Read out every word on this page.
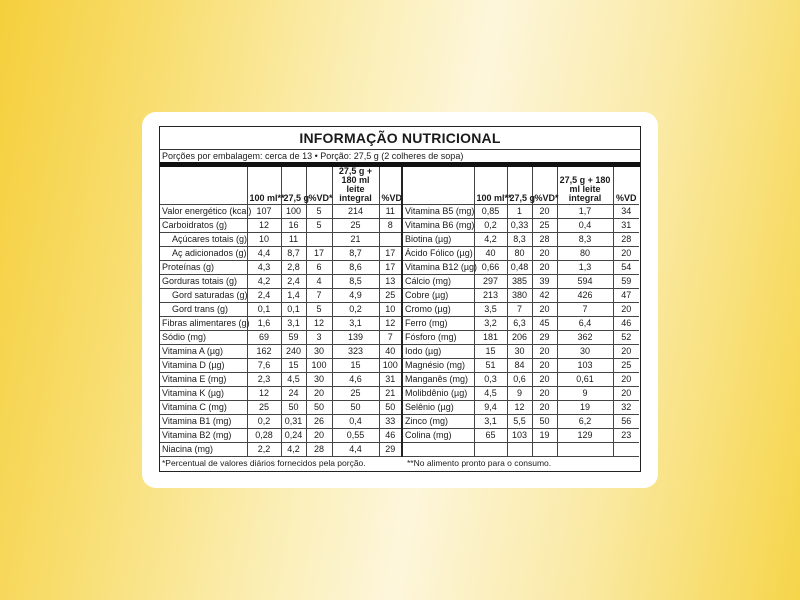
INFORMAÇÃO NUTRICIONAL
Porções por embalagem: cerca de 13 • Porção: 27,5 g (2 colheres de sopa)
	100 ml**	27,5 g	%VD*	27,5 g + 180 ml leite integral	%VD		100 ml**	27,5 g	%VD*	27,5 g + 180 ml leite integral	%VD
Valor energético (kcal)	107	100	5	214	11	Vitamina B5 (mg)	0,85	1	20	1,7	34
Carboidratos (g)	12	16	5	25	8	Vitamina B6 (mg)	0,2	0,33	25	0,4	31
Açúcares totais (g)	10	11		21		Biotina (µg)	4,2	8,3	28	8,3	28
Aç adicionados (g)	4,4	8,7	17	8,7	17	Ácido Fólico (µg)	40	80	20	80	20
Proteínas (g)	4,3	2,8	6	8,6	17	Vitamina B12 (µg)	0,66	0,48	20	1,3	54
Gorduras totais (g)	4,2	2,4	4	8,5	13	Cálcio (mg)	297	385	39	594	59
Gord saturadas (g)	2,4	1,4	7	4,9	25	Cobre (µg)	213	380	42	426	47
Gord trans (g)	0,1	0,1	5	0,2	10	Cromo (µg)	3,5	7	20	7	20
Fibras alimentares (g)	1,6	3,1	12	3,1	12	Ferro (mg)	3,2	6,3	45	6,4	46
Sódio (mg)	69	59	3	139	7	Fósforo (mg)	181	206	29	362	52
Vitamina A (µg)	162	240	30	323	40	Iodo (µg)	15	30	20	30	20
Vitamina D (µg)	7,6	15	100	15	100	Magnésio (mg)	51	84	20	103	25
Vitamina E (mg)	2,3	4,5	30	4,6	31	Manganês (mg)	0,3	0,6	20	0,61	20
Vitamina K (µg)	12	24	20	25	21	Molibdênio (µg)	4,5	9	20	9	20
Vitamina C (mg)	25	50	50	50	50	Selênio (µg)	9,4	12	20	19	32
Vitamina B1 (mg)	0,2	0,31	26	0,4	33	Zinco (mg)	3,1	5,5	50	6,2	56
Vitamina B2 (mg)	0,28	0,24	20	0,55	46	Colina (mg)	65	103	19	129	23
Niacina (mg)	2,2	4,2	28	4,4	29						
*Percentual de valores diários fornecidos pela porção.	**No alimento pronto para o consumo.
